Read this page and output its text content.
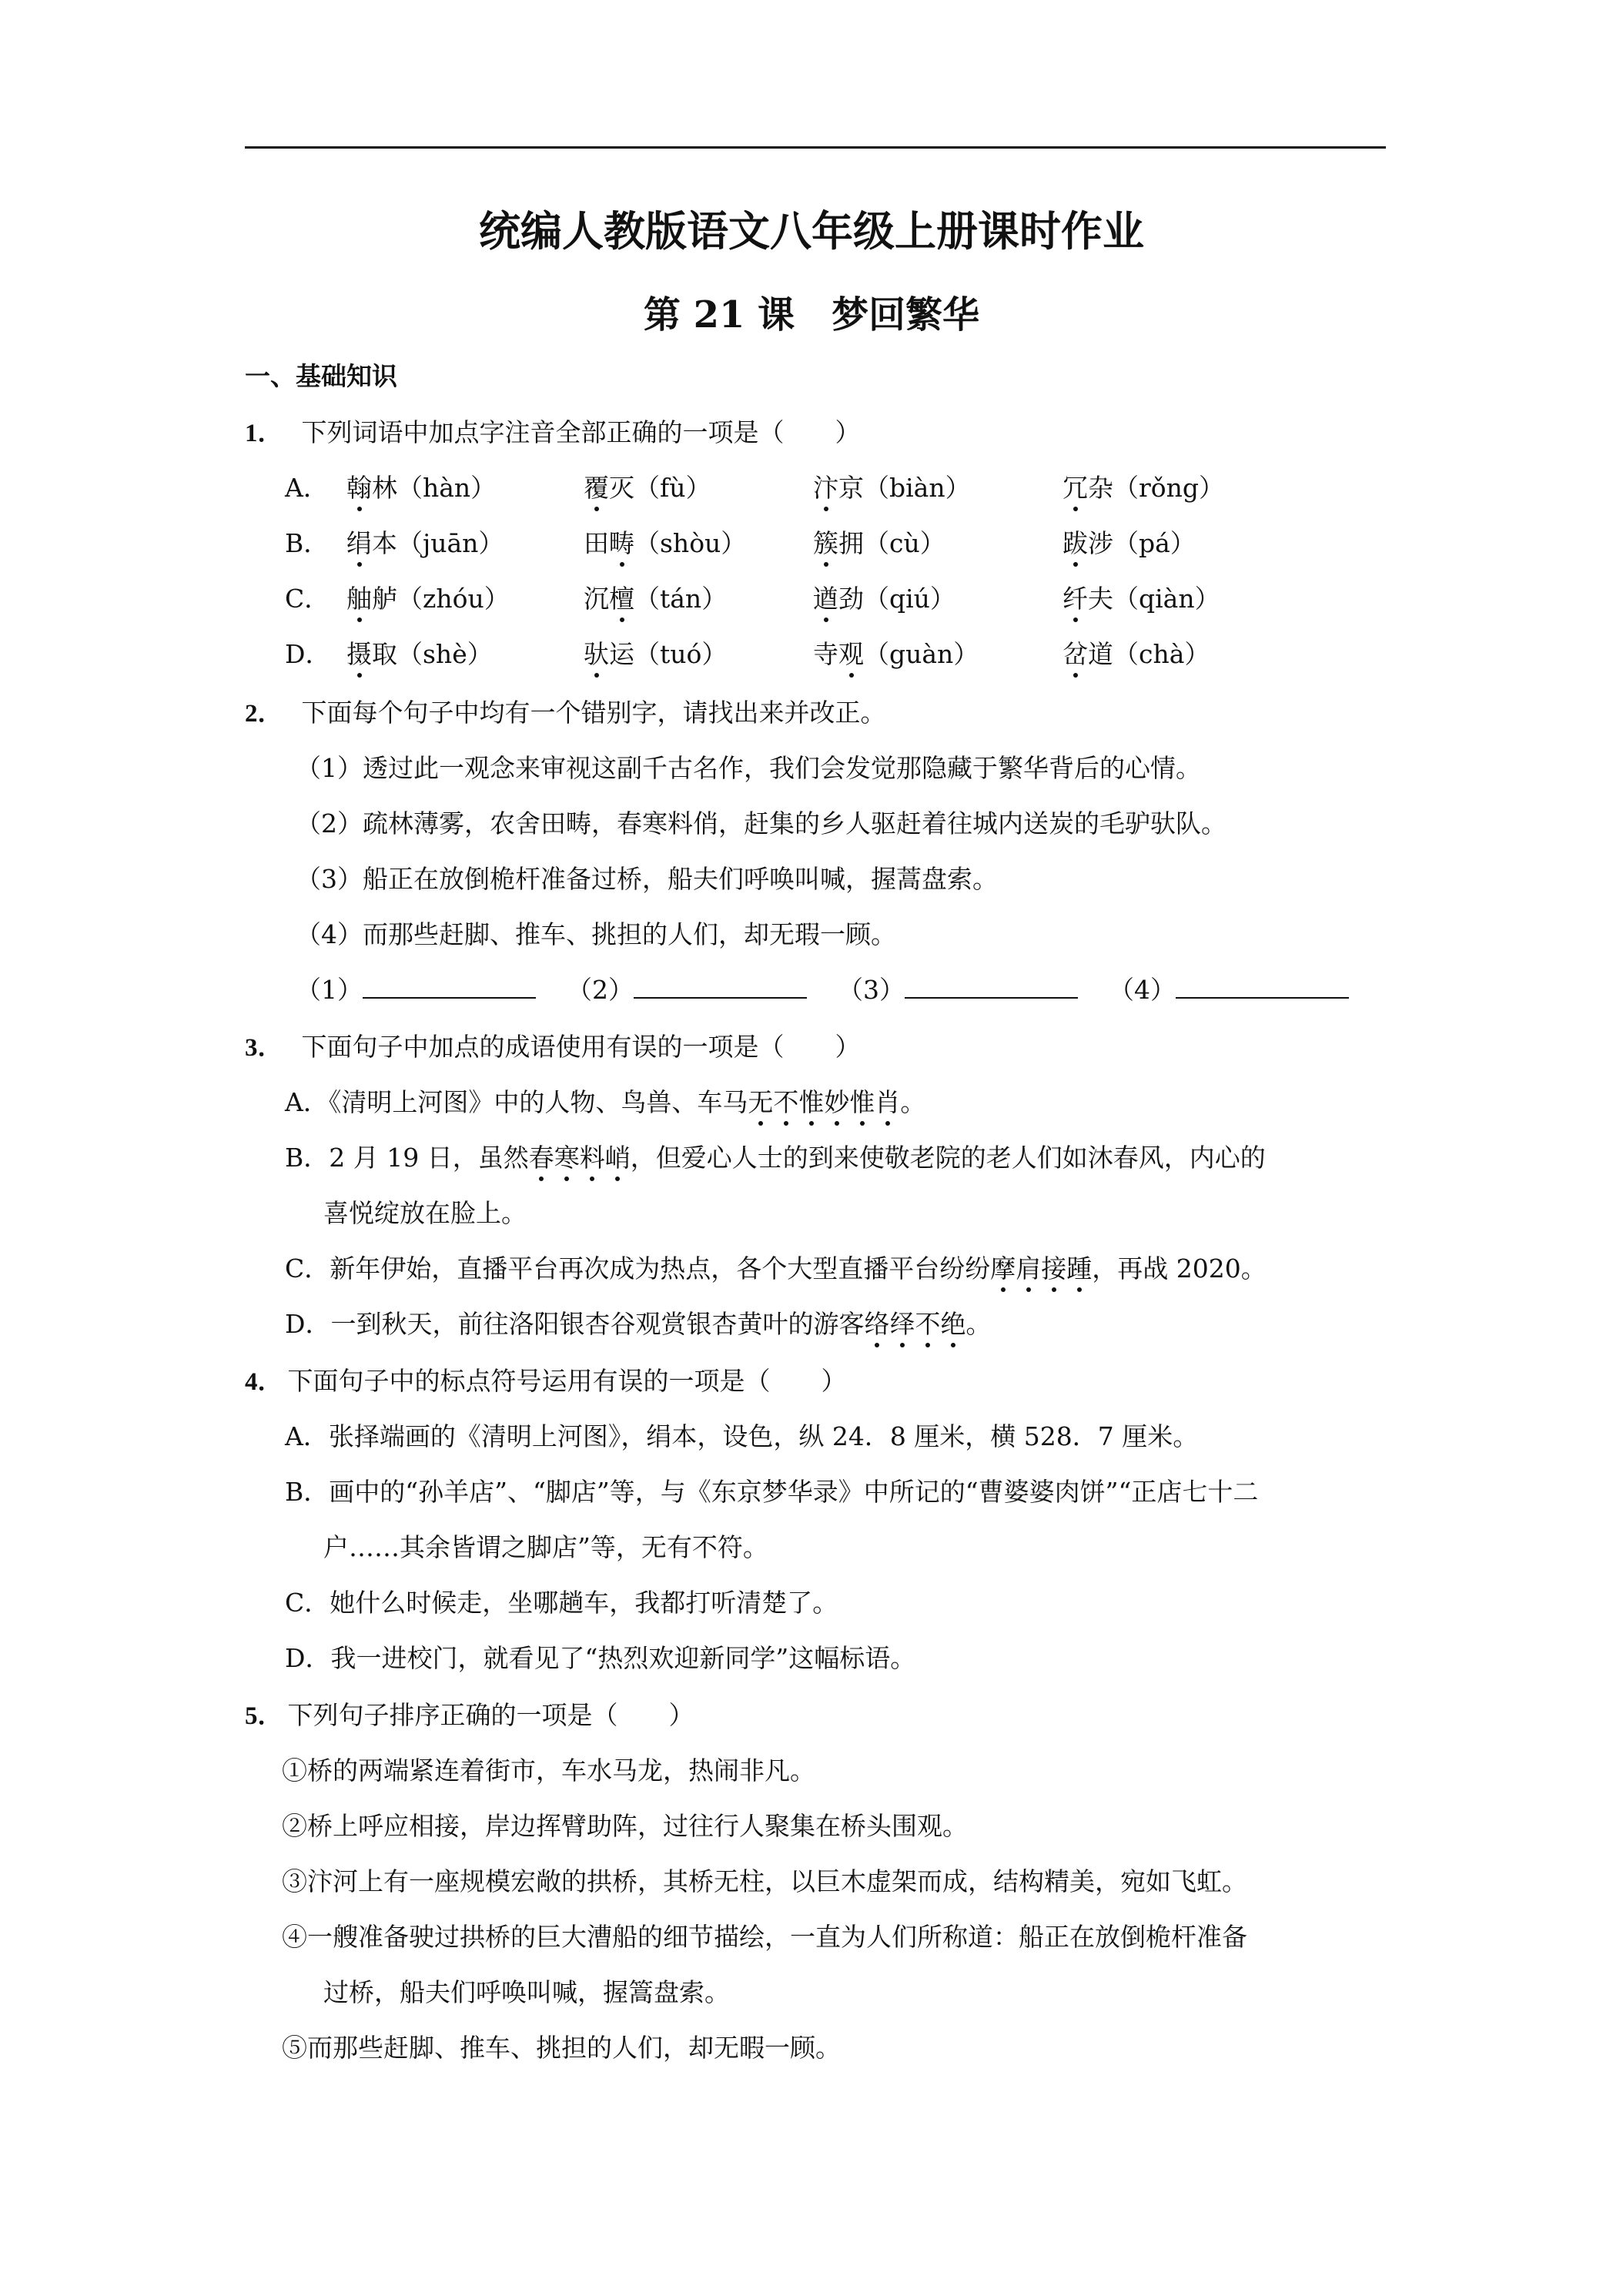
统编人教版语文八年级上册课时作业
第 21 课　梦回繁华
一、基础知识
1． 下列词语中加点字注音全部正确的一项是（　　）
A． 翰林（hàn）	覆灭（fù）	汴京（biàn）	冗杂（rǒng）
B． 绢本（juān）	田畴（shòu）	簇拥（cù）	跋涉（pá）
C． 舳舻（zhóu）	沉檀（tán）	遒劲（qiú）	纤夫（qiàn）
D． 摄取（shè）	驮运（tuó）	寺观（guàn）	岔道（chà）
2． 下面每个句子中均有一个错别字，请找出来并改正。
（1）透过此一观念来审视这副千古名作，我们会发觉那隐藏于繁华背后的心情。
（2）疏林薄雾，农舍田畴，春寒料俏，赶集的乡人驱赶着往城内送炭的毛驴驮队。
（3）船正在放倒桅杆准备过桥，船夫们呼唤叫喊，握蒿盘索。
（4）而那些赶脚、推车、挑担的人们，却无瑕一顾。
（1）	（2）	（3）	（4）
3． 下面句子中加点的成语使用有误的一项是（　　）
A．《清明上河图》中的人物、鸟兽、车马无不惟妙惟肖。
B．2 月 19 日，虽然春寒料峭，但爱心人士的到来使敬老院的老人们如沐春风，内心的
喜悦绽放在脸上。
C．新年伊始，直播平台再次成为热点，各个大型直播平台纷纷摩肩接踵，再战 2020。
D．一到秋天，前往洛阳银杏谷观赏银杏黄叶的游客络绎不绝。
4． 下面句子中的标点符号运用有误的一项是（　　）
A．张择端画的《清明上河图》，绢本，设色，纵 24．8 厘米，横 528．7 厘米。
B．画中的“孙羊店”、“脚店”等，与《东京梦华录》中所记的“曹婆婆肉饼”“正店七十二
户……其余皆谓之脚店”等，无有不符。
C．她什么时候走，坐哪趟车，我都打听清楚了。
D．我一进校门，就看见了“热烈欢迎新同学”这幅标语。
5． 下列句子排序正确的一项是（　　）
①桥的两端紧连着街市，车水马龙，热闹非凡。
②桥上呼应相接，岸边挥臂助阵，过往行人聚集在桥头围观。
③汴河上有一座规模宏敞的拱桥，其桥无柱，以巨木虚架而成，结构精美，宛如飞虹。
④一艘准备驶过拱桥的巨大漕船的细节描绘，一直为人们所称道：船正在放倒桅杆准备
过桥，船夫们呼唤叫喊，握篙盘索。
⑤而那些赶脚、推车、挑担的人们，却无暇一顾。
